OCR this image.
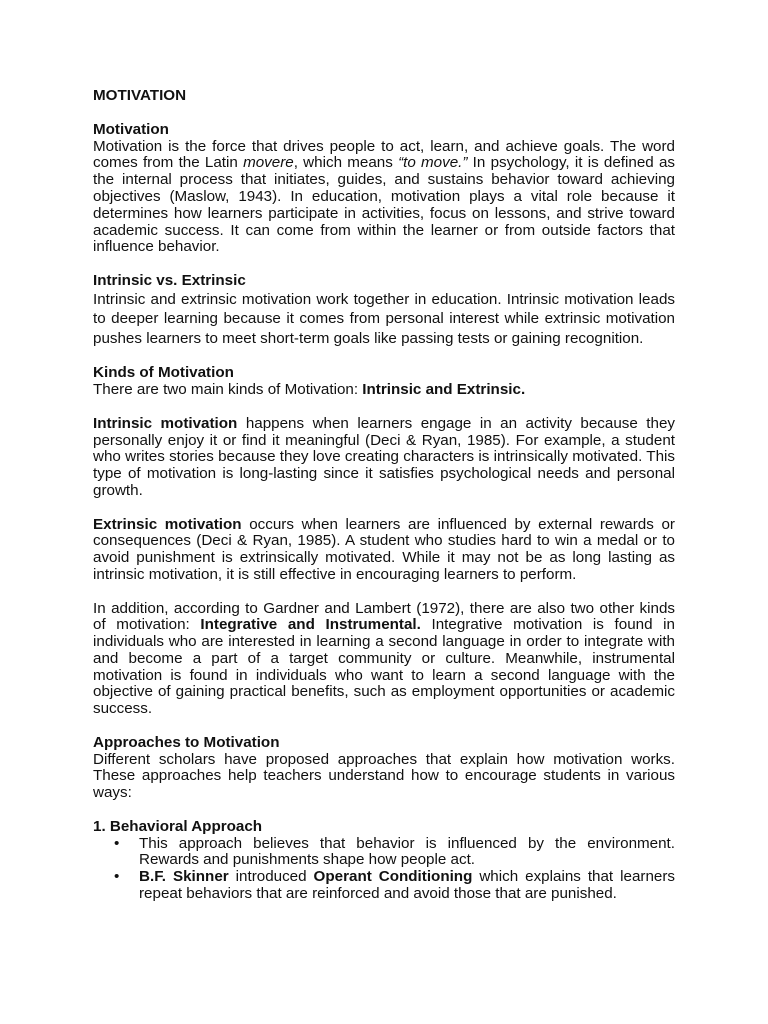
MOTIVATION
Motivation

Motivation is the force that drives people to act, learn, and achieve goals. The word comes from the Latin movere, which means “to move.” In psychology, it is defined as the internal process that initiates, guides, and sustains behavior toward achieving objectives (Maslow, 1943). In education, motivation plays a vital role because it determines how learners participate in activities, focus on lessons, and strive toward academic success. It can come from within the learner or from outside factors that influence behavior.

Intrinsic vs. Extrinsic

Intrinsic and extrinsic motivation work together in education. Intrinsic motivation leads to deeper learning because it comes from personal interest while extrinsic motivation pushes learners to meet short-term goals like passing tests or gaining recognition.

Kinds of Motivation

There are two main kinds of Motivation: Intrinsic and Extrinsic.

Intrinsic motivation happens when learners engage in an activity because they personally enjoy it or find it meaningful (Deci & Ryan, 1985). For example, a student who writes stories because they love creating characters is intrinsically motivated. This type of motivation is long-lasting since it satisfies psychological needs and personal growth.

Extrinsic motivation occurs when learners are influenced by external rewards or consequences (Deci & Ryan, 1985). A student who studies hard to win a medal or to avoid punishment is extrinsically motivated. While it may not be as long lasting as intrinsic motivation, it is still effective in encouraging learners to perform.

In addition, according to Gardner and Lambert (1972), there are also two other kinds of motivation: Integrative and Instrumental. Integrative motivation is found in individuals who are interested in learning a second language in order to integrate with and become a part of a target community or culture. Meanwhile, instrumental motivation is found in individuals who want to learn a second language with the objective of gaining practical benefits, such as employment opportunities or academic success.

Approaches to Motivation

Different scholars have proposed approaches that explain how motivation works. These approaches help teachers understand how to encourage students in various ways:

1. Behavioral Approach
• This approach believes that behavior is influenced by the environment. Rewards and punishments shape how people act.
• B.F. Skinner introduced Operant Conditioning which explains that learners repeat behaviors that are reinforced and avoid those that are punished.
